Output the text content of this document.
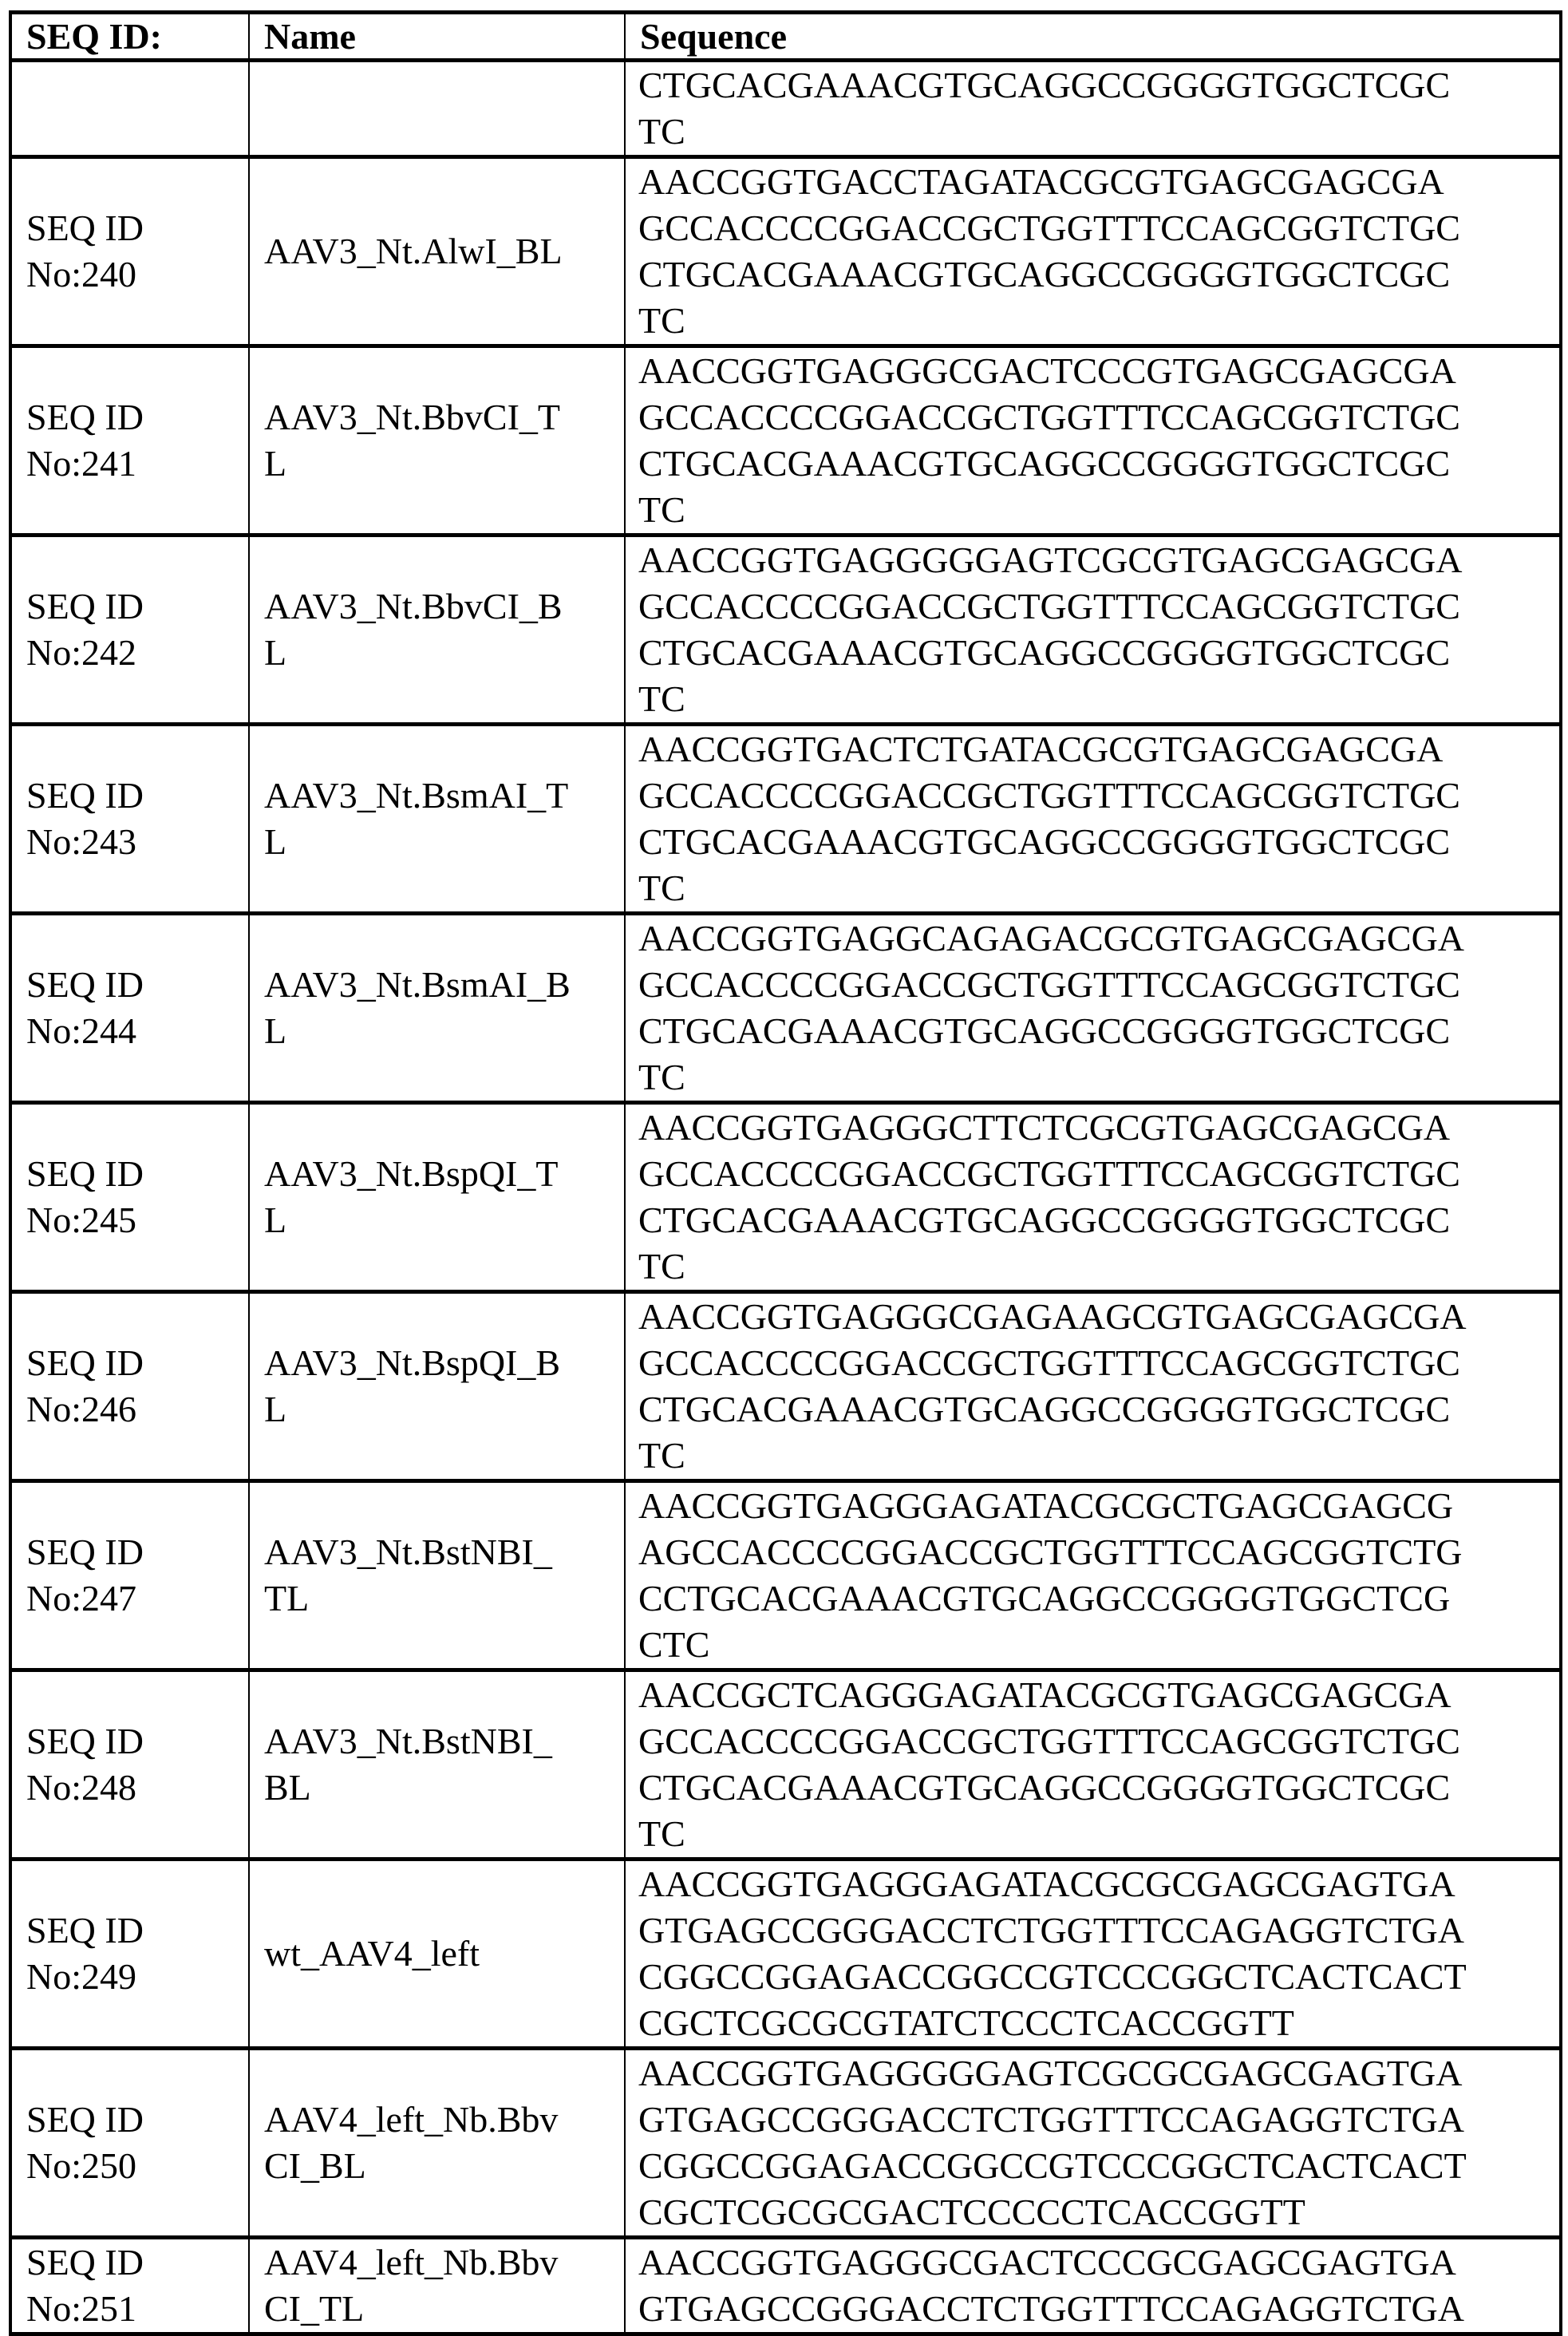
SEQ ID:	Name	Sequence

CTGCACGAAACGTGCAGGCCGGGGTGGCTCGC
TC

SEQ ID
No:240

AAV3_Nt.AlwI_BL

AACCGGTGACCTAGATACGCGTGAGCGAGCGA
GCCACCCCGGACCGCTGGTTTCCAGCGGTCTGC
CTGCACGAAACGTGCAGGCCGGGGTGGCTCGC
TC

SEQ ID
No:241

AAV3_Nt.BbvCI_T
L

AACCGGTGAGGGCGACTCCCGTGAGCGAGCGA
GCCACCCCGGACCGCTGGTTTCCAGCGGTCTGC
CTGCACGAAACGTGCAGGCCGGGGTGGCTCGC
TC

SEQ ID
No:242

AAV3_Nt.BbvCI_B
L

AACCGGTGAGGGGGAGTCGCGTGAGCGAGCGA
GCCACCCCGGACCGCTGGTTTCCAGCGGTCTGC
CTGCACGAAACGTGCAGGCCGGGGTGGCTCGC
TC

SEQ ID
No:243

AAV3_Nt.BsmAI_T
L

AACCGGTGACTCTGATACGCGTGAGCGAGCGA
GCCACCCCGGACCGCTGGTTTCCAGCGGTCTGC
CTGCACGAAACGTGCAGGCCGGGGTGGCTCGC
TC

SEQ ID
No:244

AAV3_Nt.BsmAI_B
L

AACCGGTGAGGCAGAGACGCGTGAGCGAGCGA
GCCACCCCGGACCGCTGGTTTCCAGCGGTCTGC
CTGCACGAAACGTGCAGGCCGGGGTGGCTCGC
TC

SEQ ID
No:245

AAV3_Nt.BspQI_T
L

AACCGGTGAGGGCTTCTCGCGTGAGCGAGCGA
GCCACCCCGGACCGCTGGTTTCCAGCGGTCTGC
CTGCACGAAACGTGCAGGCCGGGGTGGCTCGC
TC

SEQ ID
No:246

AAV3_Nt.BspQI_B
L

AACCGGTGAGGGCGAGAAGCGTGAGCGAGCGA
GCCACCCCGGACCGCTGGTTTCCAGCGGTCTGC
CTGCACGAAACGTGCAGGCCGGGGTGGCTCGC
TC

SEQ ID
No:247

AAV3_Nt.BstNBI_
TL

AACCGGTGAGGGAGATACGCGCTGAGCGAGCG
AGCCACCCCGGACCGCTGGTTTCCAGCGGTCTG
CCTGCACGAAACGTGCAGGCCGGGGTGGCTCG
CTC

SEQ ID
No:248

AAV3_Nt.BstNBI_
BL

AACCGCTCAGGGAGATACGCGTGAGCGAGCGA
GCCACCCCGGACCGCTGGTTTCCAGCGGTCTGC
CTGCACGAAACGTGCAGGCCGGGGTGGCTCGC
TC

SEQ ID
No:249

wt_AAV4_left

AACCGGTGAGGGAGATACGCGCGAGCGAGTGA
GTGAGCCGGGACCTCTGGTTTCCAGAGGTCTGA
CGGCCGGAGACCGGCCGTCCCGGCTCACTCACT
CGCTCGCGCGTATCTCCCTCACCGGTT

SEQ ID
No:250

AAV4_left_Nb.Bbv
CI_BL

AACCGGTGAGGGGGAGTCGCGCGAGCGAGTGA
GTGAGCCGGGACCTCTGGTTTCCAGAGGTCTGA
CGGCCGGAGACCGGCCGTCCCGGCTCACTCACT
CGCTCGCGCGACTCCCCCTCACCGGTT

SEQ ID
No:251

AAV4_left_Nb.Bbv
CI_TL

AACCGGTGAGGGCGACTCCCGCGAGCGAGTGA
GTGAGCCGGGACCTCTGGTTTCCAGAGGTCTGA
